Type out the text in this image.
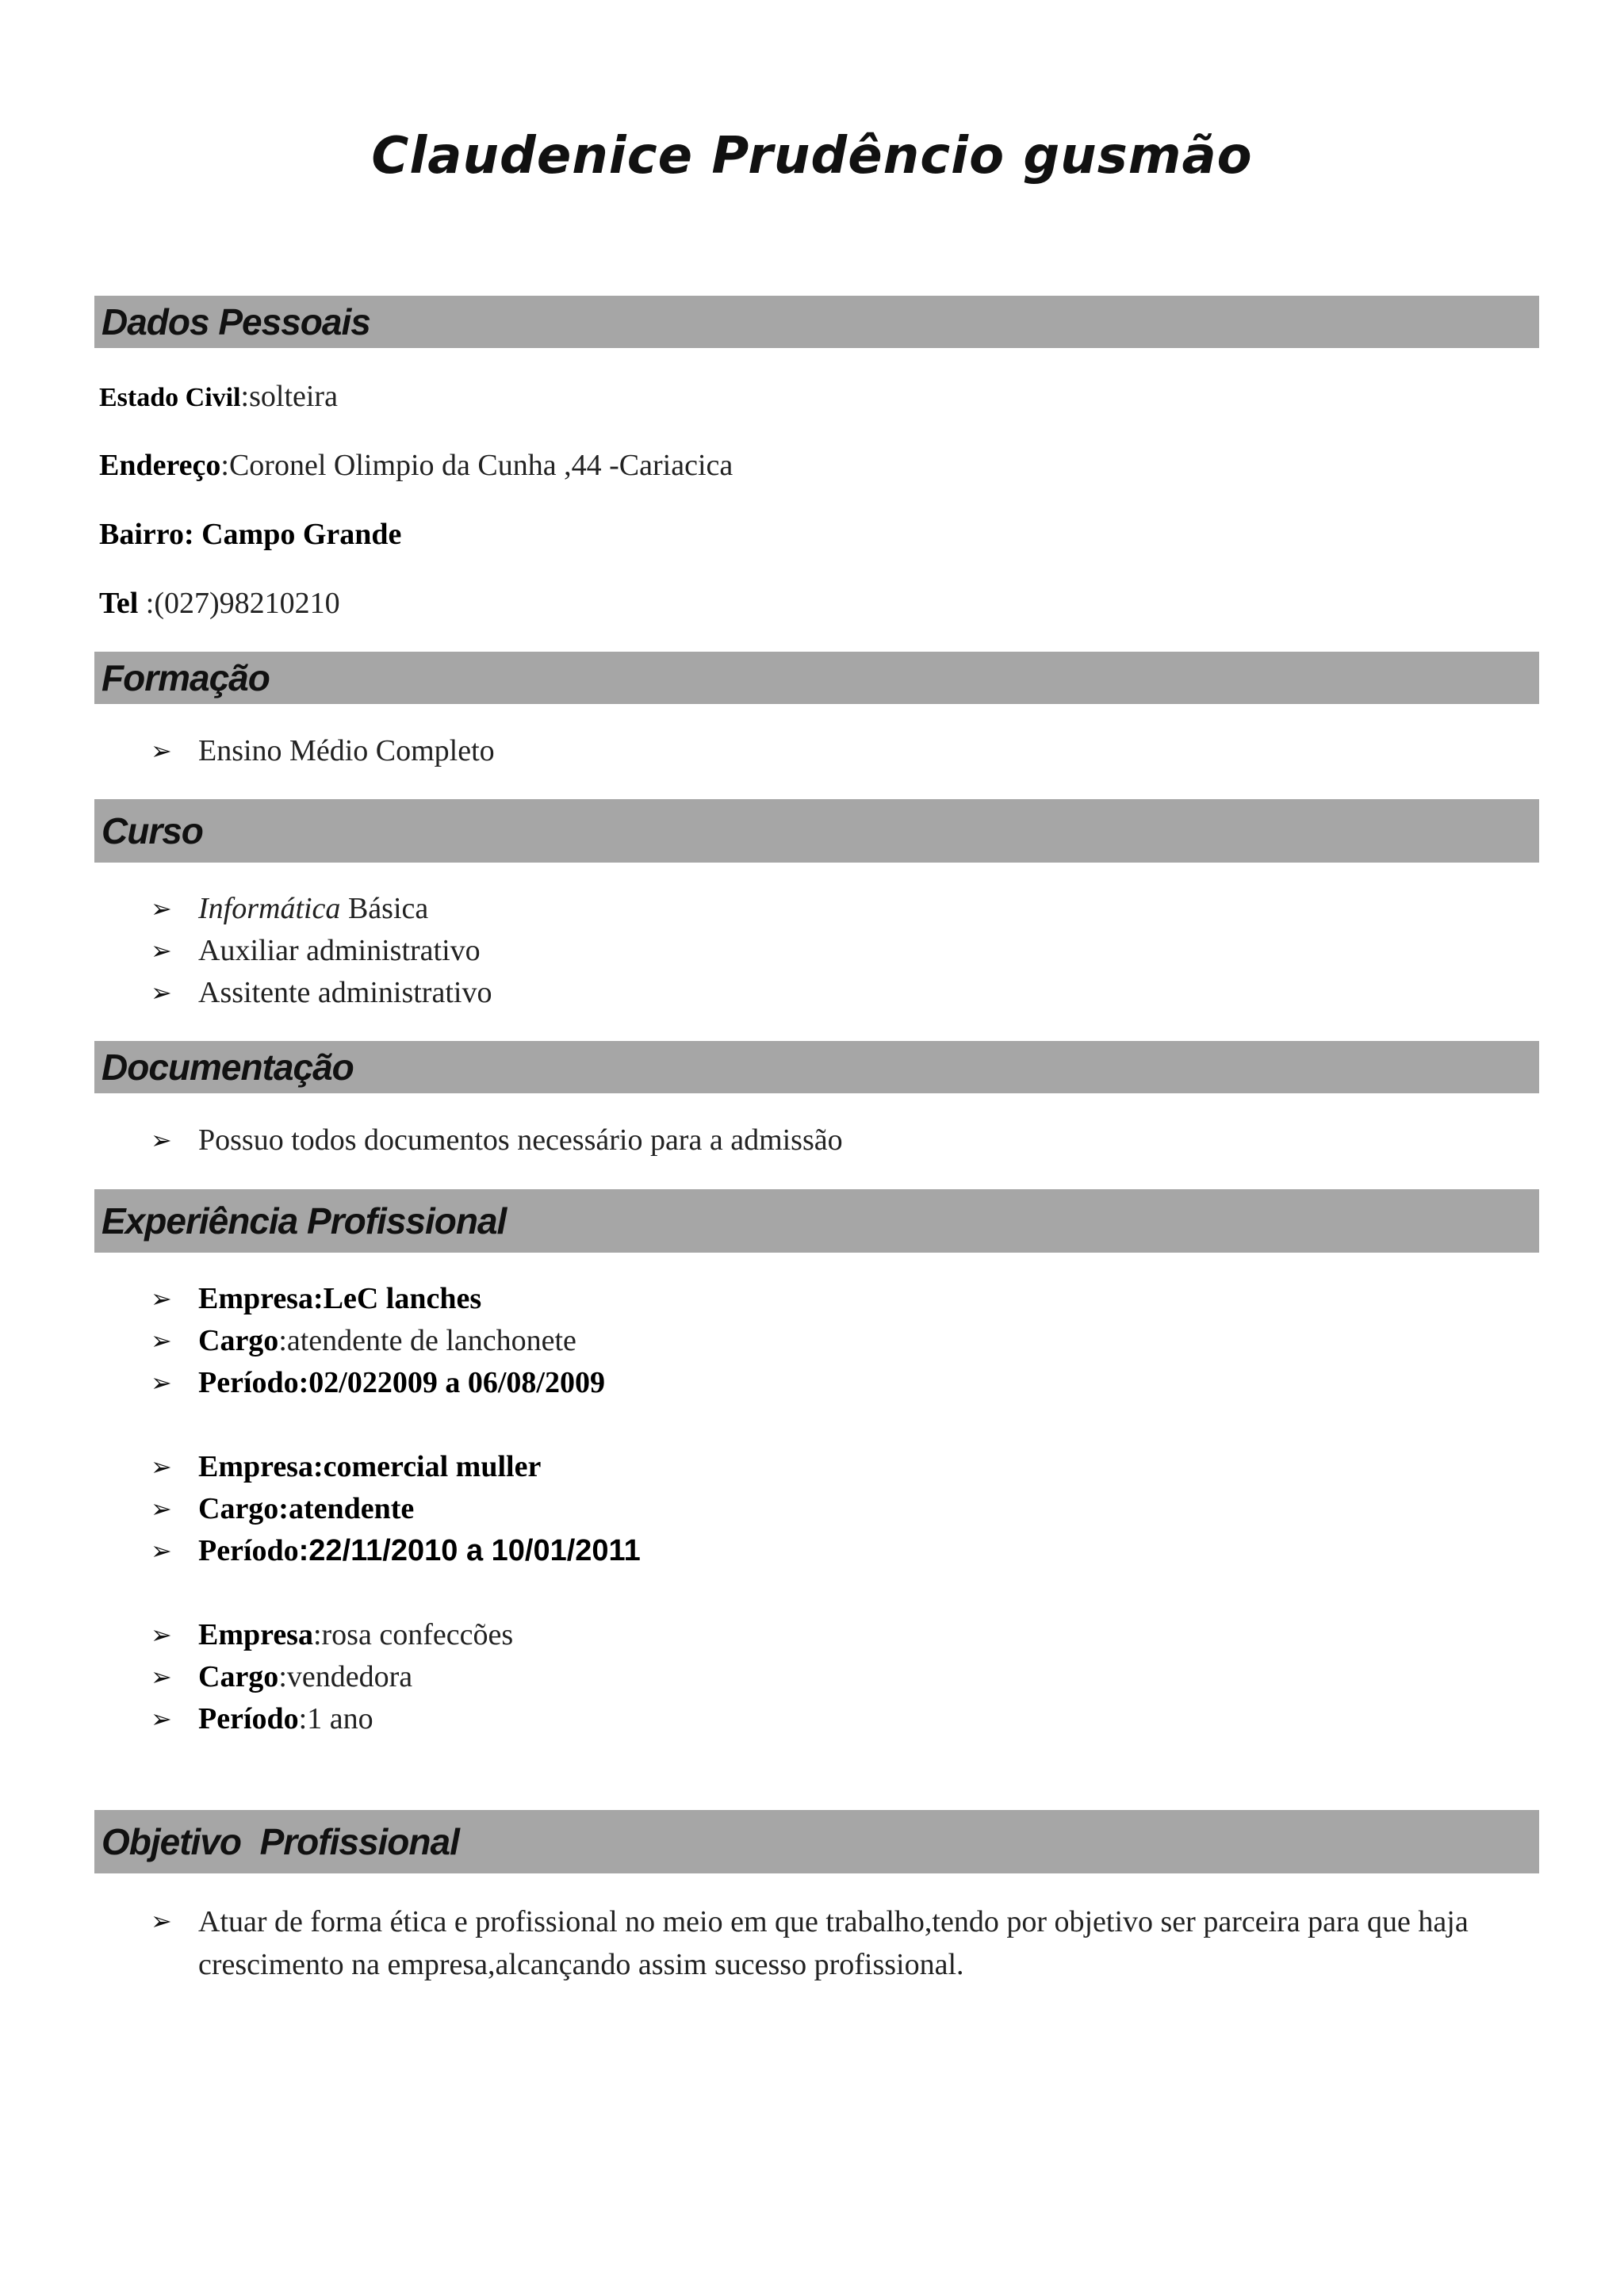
Claudenice Prudêncio gusmão
Dados Pessoais
Estado Civil:solteira
Endereço:Coronel Olimpio da Cunha ,44 -Cariacica
Bairro: Campo Grande
Tel :(027)98210210
Formação
➢ Ensino Médio Completo
Curso
➢ Informática Básica
➢ Auxiliar administrativo
➢ Assitente administrativo
Documentação
➢ Possuo todos documentos necessário para a admissão
Experiência Profissional
➢ Empresa:LeC lanches
➢ Cargo:atendente de lanchonete
➢ Período:02/022009 a 06/08/2009
➢ Empresa:comercial muller
➢ Cargo:atendente
➢ Período:22/11/2010 a 10/01/2011
➢ Empresa:rosa confeccões
➢ Cargo:vendedora
➢ Período:1 ano
Objetivo  Profissional
➢ Atuar de forma ética e profissional no meio em que trabalho,tendo por objetivo ser parceira para que haja crescimento na empresa,alcançando assim sucesso profissional.
